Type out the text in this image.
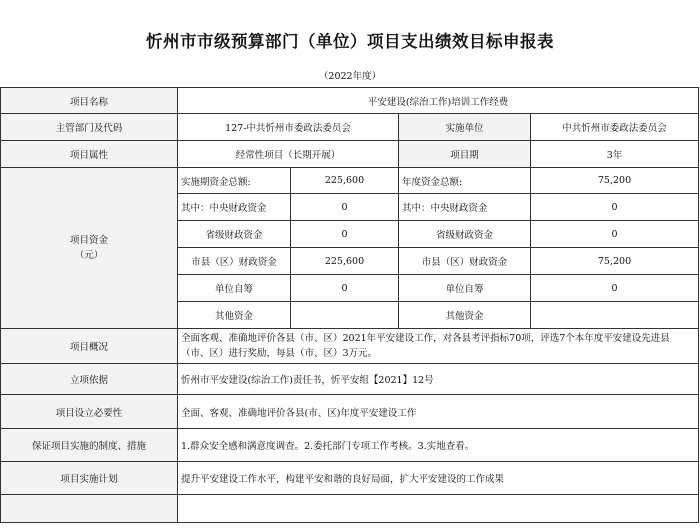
忻州市市级预算部门（单位）项目支出绩效目标申报表
（2022年度）
项目名称	平安建设(综治工作)培训工作经费			
主管部门及代码	127-中共忻州市委政法委员会		实施单位	中共忻州市委政法委员会
项目属性	经常性项目（长期开展）		项目期	3年

项目资金
（元）	实施期资金总额:	225,600	年度资金总额:	75,200
	其中：中央财政资金	0	其中：中央财政资金	0
	省级财政资金	0	省级财政资金	0
	市县（区）财政资金	225,600	市县（区）财政资金	75,200
	单位自筹	0	单位自筹	0
	其他资金		其他资金	
项目概况	全面客观、准确地评价各县（市、区）2021年平安建设工作，对各县考评指标70项，评选7个本年度平安建设先进县（市、区）进行奖励，每县（市、区）3万元。			
立项依据	忻州市平安建设(综治工作)责任书，忻平安组【2021】12号			
项目设立必要性	全面、客观、准确地评价各县(市、区)年度平安建设工作			
保证项目实施的制度、措施	1.群众安全感和满意度调查。2.委托部门专项工作考核。3.实地查看。			
项目实施计划	提升平安建设工作水平，构建平安和谐的良好局面，扩大平安建设的工作成果			
